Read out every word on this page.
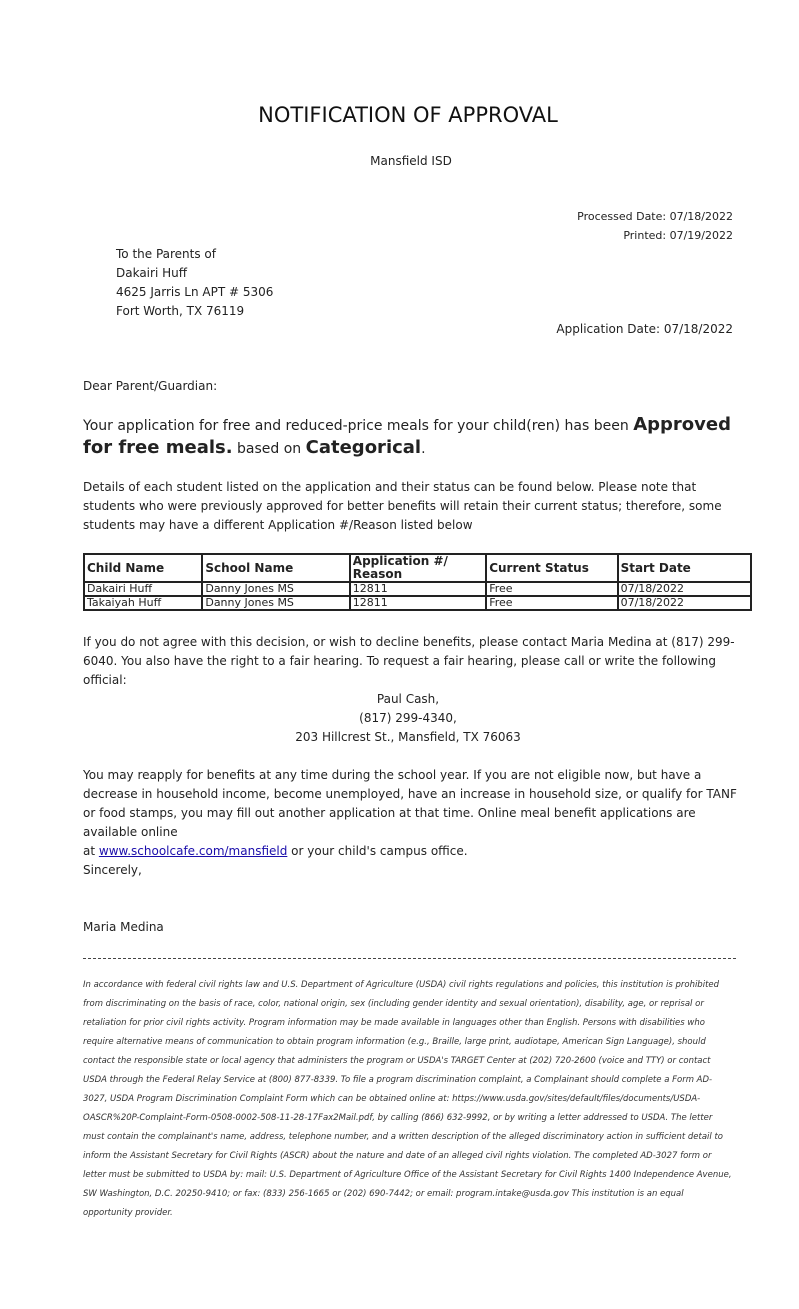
NOTIFICATION OF APPROVAL
Mansfield ISD
Processed Date: 07/18/2022
Printed: 07/19/2022
To the Parents of
Dakairi Huff
4625 Jarris Ln APT # 5306
Fort Worth, TX 76119
Application Date: 07/18/2022
Dear Parent/Guardian:
Your application for free and reduced-price meals for your child(ren) has been Approved for free meals. based on Categorical.
Details of each student listed on the application and their status can be found below. Please note that students who were previously approved for better benefits will retain their current status; therefore, some students may have a different Application #/Reason listed below
Child Name	School Name	Application #/ Reason	Current Status	Start Date
Dakairi Huff	Danny Jones MS	12811	Free	07/18/2022
Takaiyah Huff	Danny Jones MS	12811	Free	07/18/2022
If you do not agree with this decision, or wish to decline benefits, please contact Maria Medina at (817) 299-6040. You also have the right to a fair hearing. To request a fair hearing, please call or write the following official:
Paul Cash,
(817) 299-4340,
203 Hillcrest St., Mansfield, TX 76063
You may reapply for benefits at any time during the school year. If you are not eligible now, but have a decrease in household income, become unemployed, have an increase in household size, or qualify for TANF or food stamps, you may fill out another application at that time. Online meal benefit applications are available online
at www.schoolcafe.com/mansfield or your child's campus office.
Sincerely,
Maria Medina
In accordance with federal civil rights law and U.S. Department of Agriculture (USDA) civil rights regulations and policies, this institution is prohibited from discriminating on the basis of race, color, national origin, sex (including gender identity and sexual orientation), disability, age, or reprisal or retaliation for prior civil rights activity. Program information may be made available in languages other than English. Persons with disabilities who require alternative means of communication to obtain program information (e.g., Braille, large print, audiotape, American Sign Language), should contact the responsible state or local agency that administers the program or USDA's TARGET Center at (202) 720-2600 (voice and TTY) or contact USDA through the Federal Relay Service at (800) 877-8339. To file a program discrimination complaint, a Complainant should complete a Form AD-3027, USDA Program Discrimination Complaint Form which can be obtained online at: https://www.usda.gov/sites/default/files/documents/USDA-OASCR%20P-Complaint-Form-0508-0002-508-11-28-17Fax2Mail.pdf, by calling (866) 632-9992, or by writing a letter addressed to USDA. The letter must contain the complainant's name, address, telephone number, and a written description of the alleged discriminatory action in sufficient detail to inform the Assistant Secretary for Civil Rights (ASCR) about the nature and date of an alleged civil rights violation. The completed AD-3027 form or letter must be submitted to USDA by: mail: U.S. Department of Agriculture Office of the Assistant Secretary for Civil Rights 1400 Independence Avenue, SW Washington, D.C. 20250-9410; or fax: (833) 256-1665 or (202) 690-7442; or email: program.intake@usda.gov This institution is an equal opportunity provider.
